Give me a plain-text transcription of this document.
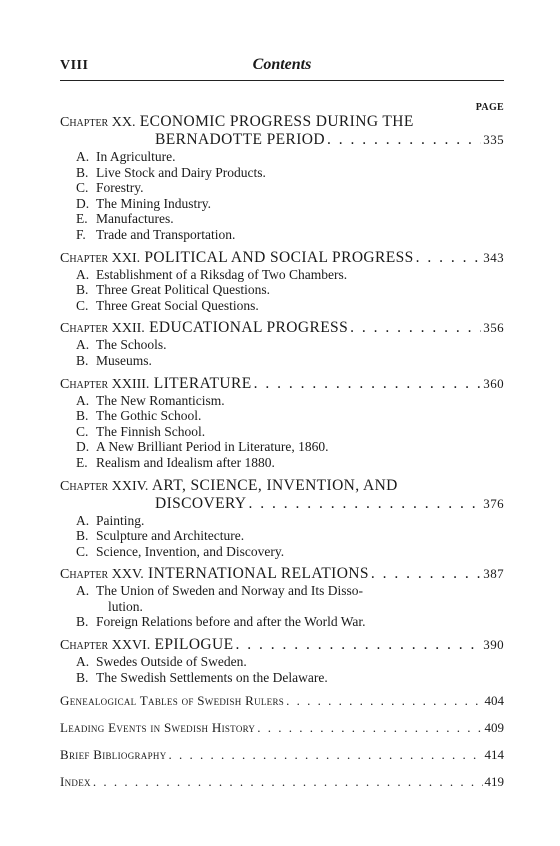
VIII	Contents
PAGE
Chapter XX. ECONOMIC PROGRESS DURING THE
BERNADOTTE PERIOD . . .	335
A. In Agriculture.
B. Live Stock and Dairy Products.
C. Forestry.
D. The Mining Industry.
E. Manufactures.
F. Trade and Transportation.
Chapter XXI.
POLITICAL AND SOCIAL PROGRESS . . .	343
A. Establishment of a Riksdag of Two Chambers.
B. Three Great Political Questions.
C. Three Great Social Questions.
Chapter XXII.
EDUCATIONAL PROGRESS . . .	356
A. The Schools.
B. Museums.
Chapter XXIII.
LITERATURE . . .	360
A. The New Romanticism.
B. The Gothic School.
C. The Finnish School.
D. A New Brilliant Period in Literature, 1860.
E. Realism and Idealism after 1880.
Chapter XXIV. ART, SCIENCE, INVENTION, AND
DISCOVERY . . .	376
A. Painting.
B. Sculpture and Architecture.
C. Science, Invention, and Discovery.
Chapter XXV.
INTERNATIONAL RELATIONS . . .	387
A. The Union of Sweden and Norway and Its Disso-
lution.
B. Foreign Relations before and after the World War.
Chapter XXVI.
EPILOGUE . . .	390
A. Swedes Outside of Sweden.
B. The Swedish Settlements on the Delaware.
Genealogical Tables of Swedish Rulers . . .	404
Leading Events in Swedish History . . .	409
Brief Bibliography . . .	414
Index . . .	419
